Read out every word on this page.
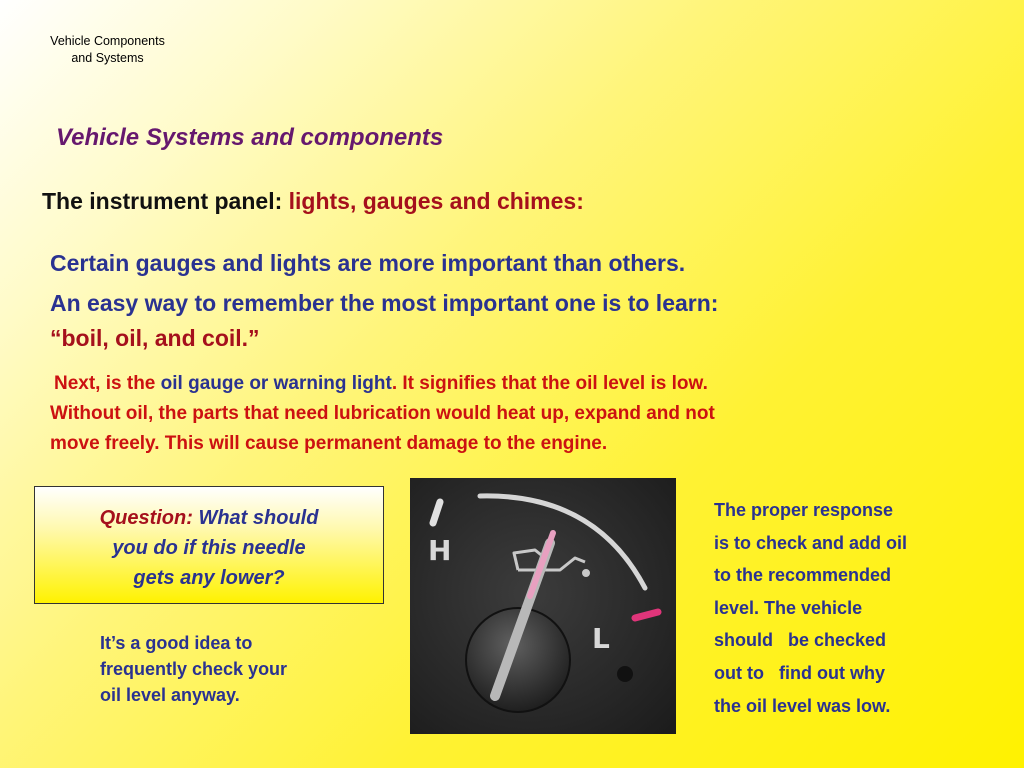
Vehicle Components
and Systems
Vehicle Systems and components
The instrument panel: lights, gauges and chimes:
Certain gauges and lights are more important than others.
An easy way to remember the most important one is to learn:
“boil, oil, and coil.”
Next, is the oil gauge or warning light. It signifies that the oil level is low.
Without oil, the parts that need lubrication would heat up, expand and not
move freely. This will cause permanent damage to the engine.
Question: What should
you do if this needle
gets any lower?
It’s a good idea to
frequently check your
oil level anyway.
H
L
The proper response
is to check and add oil
to the recommended
level. The vehicle
should   be checked
out to   find out why
the oil level was low.
